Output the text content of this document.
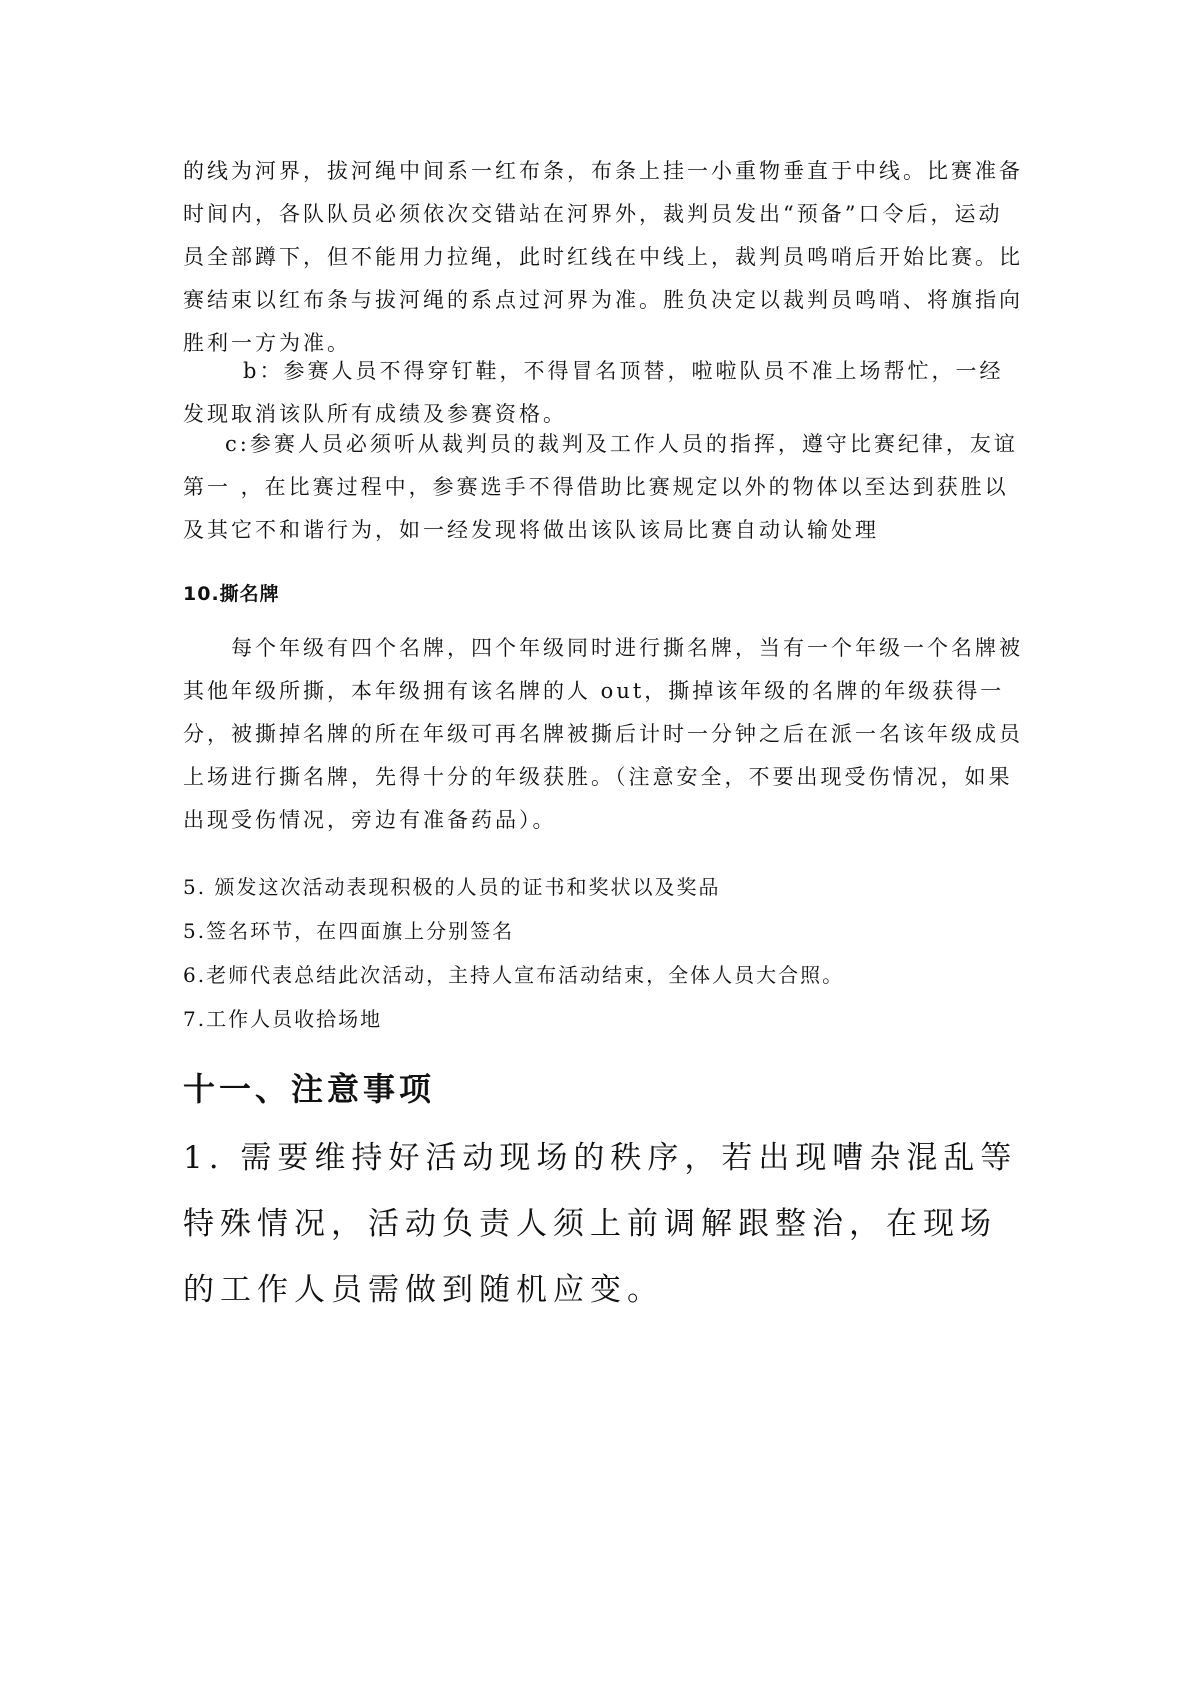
的线为河界，拔河绳中间系一红布条，布条上挂一小重物垂直于中线。比赛准备时间内，各队队员必须依次交错站在河界外，裁判员发出“预备”口令后，运动员全部蹲下，但不能用力拉绳，此时红线在中线上，裁判员鸣哨后开始比赛。比赛结束以红布条与拔河绳的系点过河界为准。胜负决定以裁判员鸣哨、将旗指向胜利一方为准。

b：参赛人员不得穿钉鞋，不得冒名顶替，啦啦队员不准上场帮忙，一经发现取消该队所有成绩及参赛资格。

c:参赛人员必须听从裁判员的裁判及工作人员的指挥，遵守比赛纪律，友谊第一 ，在比赛过程中，参赛选手不得借助比赛规定以外的物体以至达到获胜以及其它不和谐行为，如一经发现将做出该队该局比赛自动认输处理

10.撕名牌

每个年级有四个名牌，四个年级同时进行撕名牌，当有一个年级一个名牌被其他年级所撕，本年级拥有该名牌的人 out，撕掉该年级的名牌的年级获得一分，被撕掉名牌的所在年级可再名牌被撕后计时一分钟之后在派一名该年级成员上场进行撕名牌，先得十分的年级获胜。（注意安全，不要出现受伤情况，如果出现受伤情况，旁边有准备药品）。

5. 颁发这次活动表现积极的人员的证书和奖状以及奖品

5.签名环节，在四面旗上分别签名

6.老师代表总结此次活动，主持人宣布活动结束，全体人员大合照。

7.工作人员收拾场地

十一、注意事项

1. 需要维持好活动现场的秩序，若出现嘈杂混乱等特殊情况，活动负责人须上前调解跟整治，在现场的工作人员需做到随机应变。
